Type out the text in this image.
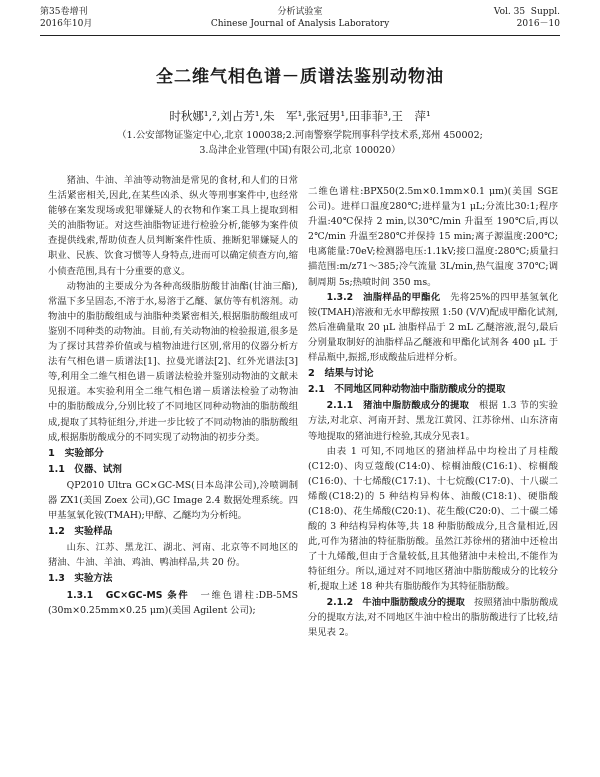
第35卷增刊
2016年10月
分析试验室
Chinese Journal of Analysis Laboratory
Vol. 35  Suppl.
2016－10
全二维气相色谱－质谱法鉴别动物油
时秋娜¹,²,刘占芳¹,朱　军¹,张冠男¹,田菲菲³,王　萍¹
（1.公安部物证鉴定中心,北京 100038;2.河南警察学院刑事科学技术系,郑州 450002;
3.岛津企业管理(中国)有限公司,北京 100020）

猪油、牛油、羊油等动物油是常见的食材,和人们的日常生活紧密相关,因此,在某些凶杀、纵火等刑事案件中,也经常能够在案发现场或犯罪嫌疑人的衣物和作案工具上提取到相关的油脂物证。对这些油脂物证进行检验分析,能够为案件侦查提供线索,帮助侦查人员判断案件性质、推断犯罪嫌疑人的职业、民族、饮食习惯等人身特点,进而可以确定侦查方向,缩小侦查范围,具有十分重要的意义。

动物油的主要成分为各种高级脂肪酸甘油酯(甘油三酯),常温下多呈固态,不溶于水,易溶于乙醚、氯仿等有机溶剂。动物油中的脂肪酸组成与油脂种类紧密相关,根据脂肪酸组成可鉴别不同种类的动物油。目前,有关动物油的检验报道,很多是为了探讨其营养价值或与植物油进行区别,常用的仪器分析方法有气相色谱－质谱法[1]、拉曼光谱法[2]、红外光谱法[3]等,利用全二维气相色谱－质谱法检验并鉴别动物油的文献未见报道。本实验利用全二维气相色谱－质谱法检验了动物油中的脂肪酸成分,分别比较了不同地区同种动物油的脂肪酸组成,提取了其特征组分,并进一步比较了不同动物油的脂肪酸组成,根据脂肪酸成分的不同实现了动物油的初步分类。

1　实验部分
1.1　仪器、试剂

QP2010 Ultra GC×GC-MS(日本岛津公司),冷喷调制器 ZX1(美国 Zoex 公司),GC Image 2.4 数据处理系统。四甲基氢氧化铵(TMAH);甲醇、乙醚均为分析纯。

1.2　实验样品

山东、江苏、黑龙江、湖北、河南、北京等不同地区的猪油、牛油、羊油、鸡油、鸭油样品,共 20 份。

1.3　实验方法

1.3.1　GC×GC-MS 条件　 一维色谱柱:DB-5MS (30m×0.25mm×0.25 μm)(美国 Agilent 公司);

二维色谱柱:BPX50(2.5m×0.1mm×0.1 μm)(美国 SGE 公司)。进样口温度280℃;进样量为1 μL;分流比30:1;程序升温:40℃保持 2 min,以30℃/min 升温至 190℃后,再以 2℃/min 升温至280℃并保持 15 min;离子源温度:200℃;电离能量:70eV;检测器电压:1.1kV;接口温度:280℃;质量扫描范围:m/z71～385;冷气流量 3L/min,热气温度 370℃;调制周期 5s;热喷时间 350 ms。

1.3.2　油脂样品的甲酯化　 先将25%的四甲基氢氧化铵(TMAH)溶液和无水甲醇按照 1:50 (V/V)配成甲酯化试剂,然后准确量取 20 μL 油脂样品于 2 mL 乙醚溶液,混匀,最后分别量取制好的油脂样品乙醚液和甲酯化试剂各 400 μL 于样品瓶中,振摇,形成酸盐后进样分析。

2　结果与讨论
2.1　不同地区同种动物油中脂肪酸成分的提取

2.1.1　猪油中脂肪酸成分的提取　 根据 1.3 节的实验方法,对北京、河南开封、黑龙江黄冈、江苏徐州、山东济南等地提取的猪油进行检验,其成分见表1。

由表 1 可知,不同地区的猪油样品中均检出了月桂酸(C12:0)、肉豆蔻酸(C14:0)、棕榈油酸(C16:1)、棕榈酸(C16:0)、十七烯酸(C17:1)、十七烷酸(C17:0)、十八碳二烯酸(C18:2)的 5 种结构异构体、油酸(C18:1)、硬脂酸(C18:0)、花生烯酸(C20:1)、花生酸(C20:0)、二十碳二烯酸的 3 种结构异构体等,共 18 种脂肪酸成分,且含量相近,因此,可作为猪油的特征脂肪酸。虽然江苏徐州的猪油中还检出了十九烯酸,但由于含量较低,且其他猪油中未检出,不能作为特征组分。所以,通过对不同地区猪油中脂肪酸成分的比较分析,提取上述 18 种共有脂肪酸作为其特征脂肪酸。

2.1.2　牛油中脂肪酸成分的提取　 按照猪油中脂肪酸成分的提取方法,对不同地区牛油中检出的脂肪酸进行了比较,结果见表 2。
